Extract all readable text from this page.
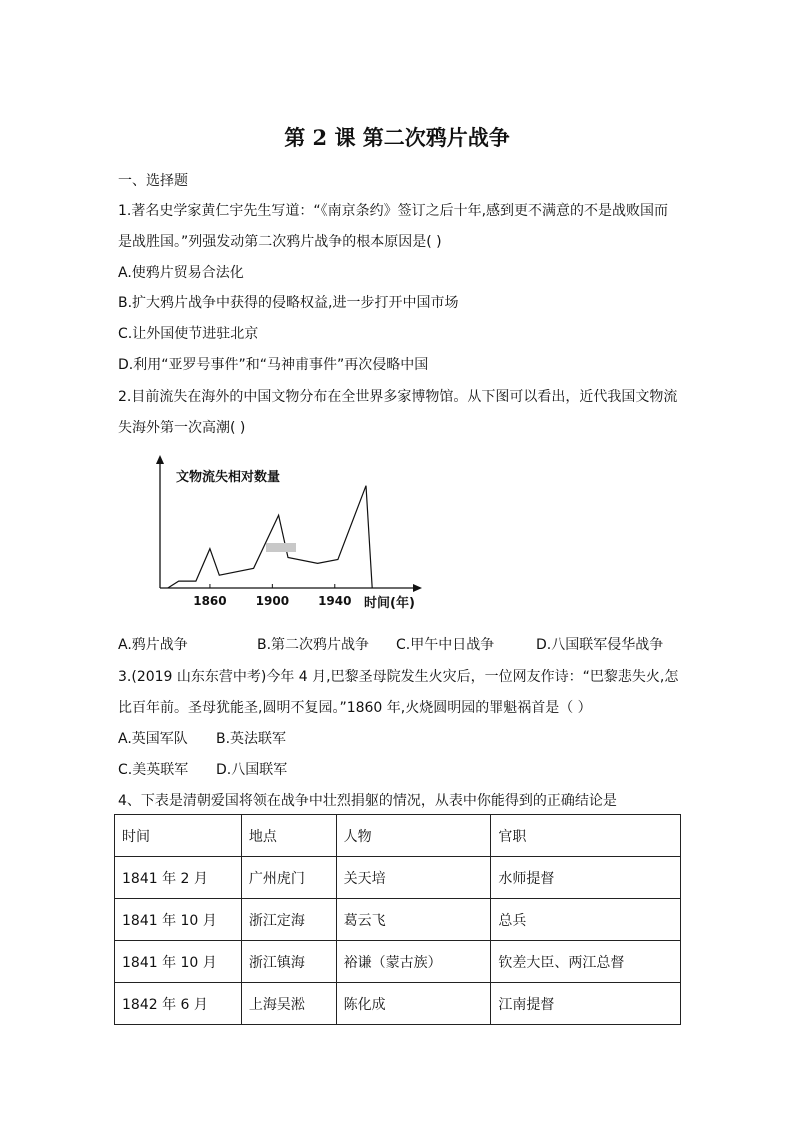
第 2 课 第二次鸦片战争
一、选择题
1.著名史学家黄仁宇先生写道：“《南京条约》签订之后十年,感到更不满意的不是战败国而
是战胜国。”列强发动第二次鸦片战争的根本原因是( )
A.使鸦片贸易合法化
B.扩大鸦片战争中获得的侵略权益,进一步打开中国市场
C.让外国使节进驻北京
D.利用“亚罗号事件”和“马神甫事件”再次侵略中国
2.目前流失在海外的中国文物分布在全世界多家博物馆。从下图可以看出，近代我国文物流
失海外第一次高潮( )
文物流失相对数量
1860 1900 1940 时间(年)
A.鸦片战争	B.第二次鸦片战争 C.甲午中日战争	D.八国联军侵华战争
3.(2019 山东东营中考)今年 4 月,巴黎圣母院发生火灾后，一位网友作诗：“巴黎悲失火,怎
比百年前。圣母犹能圣,圆明不复园。”1860 年,火烧圆明园的罪魁祸首是（ ）
A.英国军队 B.英法联军
C.美英联军 D.八国联军
4、下表是清朝爱国将领在战争中壮烈捐躯的情况，从表中你能得到的正确结论是
时间	地点	人物	官职
1841 年 2 月	广州虎门	关天培	水师提督
1841 年 10 月	浙江定海	葛云飞	总兵
1841 年 10 月	浙江镇海	裕谦（蒙古族）	钦差大臣、两江总督
1842 年 6 月	上海吴淞	陈化成	江南提督
